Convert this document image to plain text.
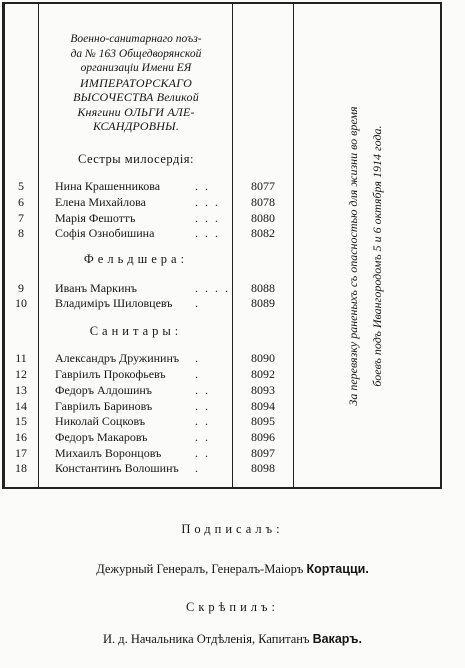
Военно-санитарнаго поъз-
да № 163 Общедворянской
организаціи Имени ЕЯ
ИМПЕРАТОРСКАГО
ВЫСОЧЕСТВА Великой
Княгини ОЛЬГИ АЛЕ-
КСАНДРОВНЫ.
Сестры милосердія:
Фельдшера:
Санитары:
5	Нина Крашенникова	. .	8077
6	Елена Михайлова	. . .	8078
7	Марія Фешоттъ	. . .	8080
8	Софія Ознобишина	. . .	8082
9	Иванъ Маркинъ	. . . .	8088
10	Владиміръ Шиловцевъ .	8089
11	Александръ Дружининъ .	8090
12	Гавріилъ Прокофьевъ .	8092
13	Федоръ Алдошинъ	. .	8093
14	Гавріилъ Бариновъ	. .	8094
15	Николай Соцковъ	. .	8095
16	Федоръ Макаровъ	. .	8096
17	Михаилъ Воронцовъ	. .	8097
18	Константинъ Волошинъ .	8098
За перевязку раненыхъ съ опасностью для жизни во время боевъ подъ Ивангородомъ 5 и 6 октября 1914 года.
Подписалъ:
Дежурный Генералъ, Генералъ-Маіоръ Кортацци.
Скрѣпилъ:
И. д. Начальника Отдѣленія, Капитанъ Вакаръ.
